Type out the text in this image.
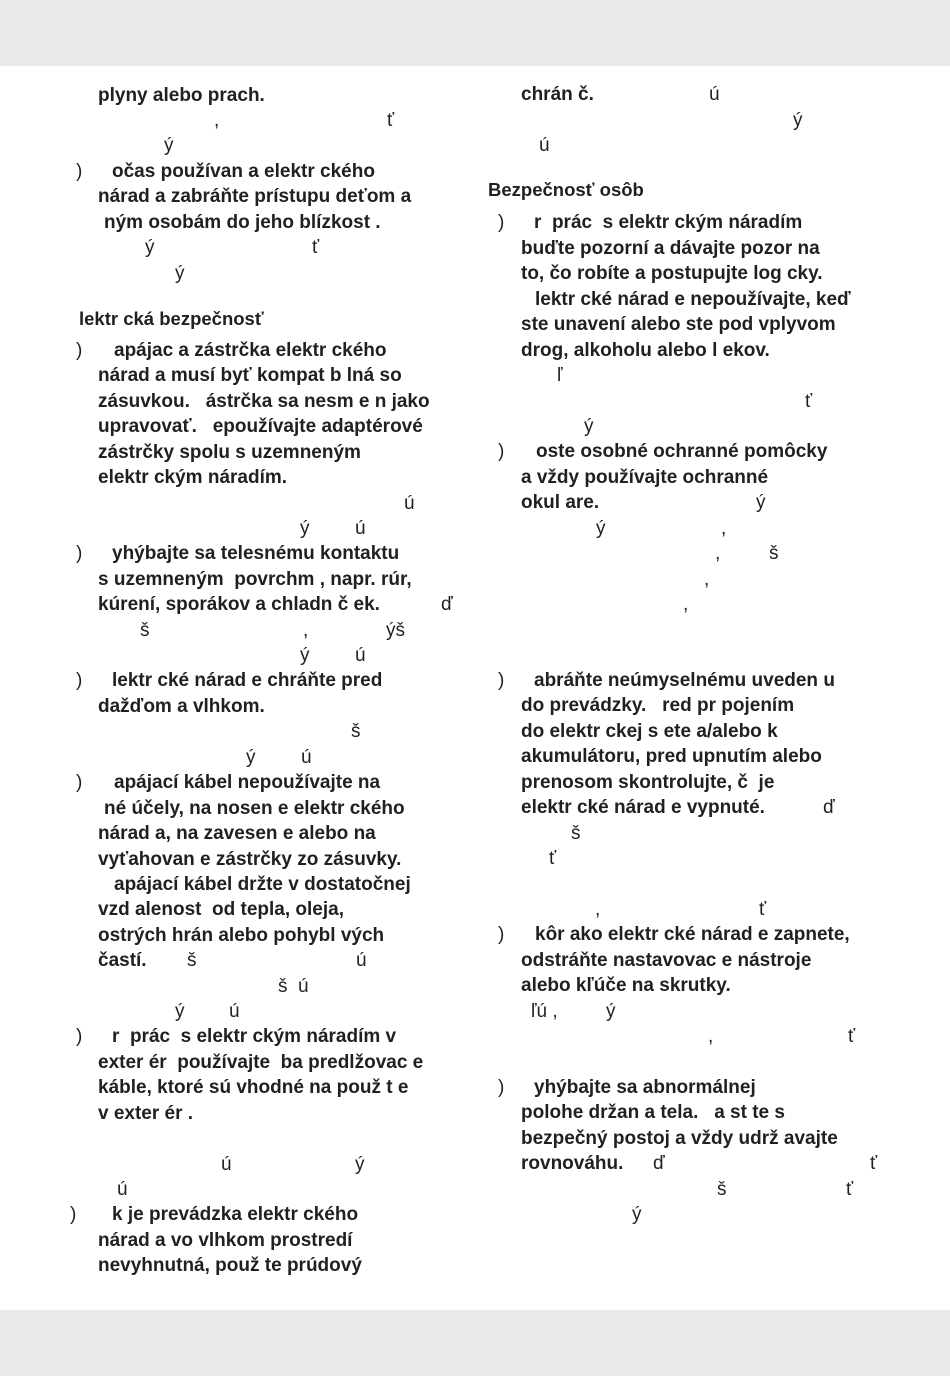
plyny alebo prach.
,	ť
ý
) očas používan a elektr ckého
nárad a zabráňte prístupu deťom a
ným osobám do jeho blízkost .
ý	ť
ý
lektr cká bezpečnosť
) apájac a zástrčka elektr ckého
nárad a musí byť kompat b lná so
zásuvkou.   ástrčka sa nesm e n jako
upravovať.   epoužívajte adaptérové
zástrčky spolu s uzemneným
elektr ckým náradím.
ú
ý ú
) yhýbajte sa telesnému kontaktu
s uzemneným  povrchm , napr. rúr,
kúrení, sporákov a chladn č ek.	ď
š	,	ýš
ý ú
) lektr cké nárad e chráňte pred
dažďom a vlhkom.
š
ý ú
) apájací kábel nepoužívajte na
né účely, na nosen e elektr ckého
nárad a, na zavesen e alebo na
vyťahovan e zástrčky zo zásuvky.
apájací kábel držte v dostatočnej
vzd alenost  od tepla, oleja,
ostrých hrán alebo pohybl vých
častí. š	ú
š  ú
ý ú
) r  prác  s elektr ckým náradím v
exter ér  používajte  ba predlžovac e
káble, ktoré sú vhodné na použ t e
v exter ér .
ú	ý
ú
) k je prevádzka elektr ckého
nárad a vo vlhkom prostredí
nevyhnutná, použ te prúdový
chrán č.	ú
ý
ú
Bezpečnosť osôb
) r  prác  s elektr ckým náradím
buďte pozorní a dávajte pozor na
to, čo robíte a postupujte log cky.
lektr cké nárad e nepoužívajte, keď
ste unavení alebo ste pod vplyvom
drog, alkoholu alebo l ekov.
ľ
ť
ý
) oste osobné ochranné pomôcky
a vždy používajte ochranné
okul are.	ý
ý	,
,	š
,
,
) abráňte neúmyselnému uveden u
do prevádzky.   red pr pojením
do elektr ckej s ete a/alebo k
akumulátoru, pred upnutím alebo
prenosom skontrolujte, č  je
elektr cké nárad e vypnuté.	ď
š
ť
,	ť
) kôr ako elektr cké nárad e zapnete,
odstráňte nastavovac e nástroje
alebo kľúče na skrutky.
ľú ,	ý
,	ť
) yhýbajte sa abnormálnej
polohe držan a tela.   a st te s
bezpečný postoj a vždy udrž avajte
rovnováhu. ď	ť
š	ť
ý
